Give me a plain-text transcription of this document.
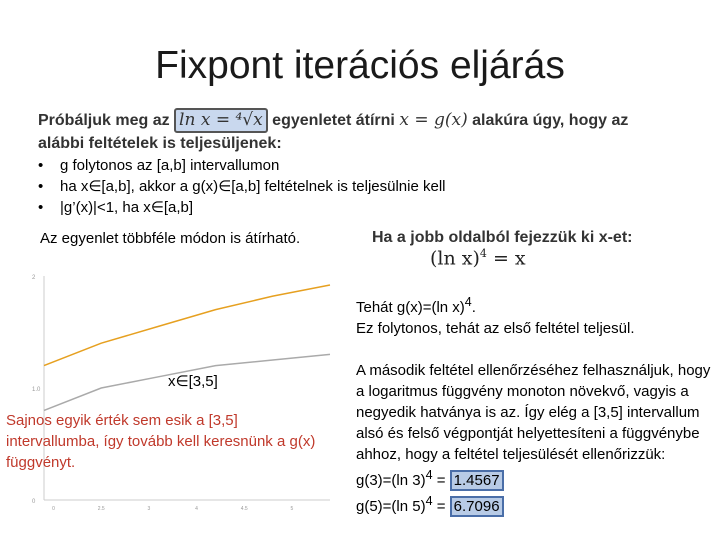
Fixpont iterációs eljárás
Próbáljuk meg az ln x = ⁴√x egyenletet átírni x = g(x) alakúra úgy, hogy az alábbi feltételek is teljesüljenek:
• g folytonos az [a,b] intervallumon
• ha x∈[a,b], akkor a g(x)∈[a,b] feltételnek is teljesülnie kell
• |g’(x)|<1, ha x∈[a,b]
Az egyenlet többféle módon is átírható.	Ha a jobb oldalból fejezzük ki x-et:
(ln x)$^4$ = x
0
1.0
2
0	2.5	3	4	4.5	5
Tehát g(x)=(ln x)$^4$.
Ez folytonos, tehát az első feltétel teljesül.
x∈[3,5]
Sajnos egyik érték sem esik a [3,5] intervallumba, így tovább kell keresnünk a g(x) függvényt.
A második feltétel ellenőrzéséhez felhasználjuk, hogy a logaritmus függvény monoton növekvő, vagyis a negyedik hatványa is az. Így elég a [3,5] intervallum alsó és felső végpontját helyettesíteni a függvénybe ahhoz, hogy a feltétel teljesülését ellenőrizzük:
g(3)=(ln 3)$^4$ = 1.4567
g(5)=(ln 5)$^4$ = 6.7096
